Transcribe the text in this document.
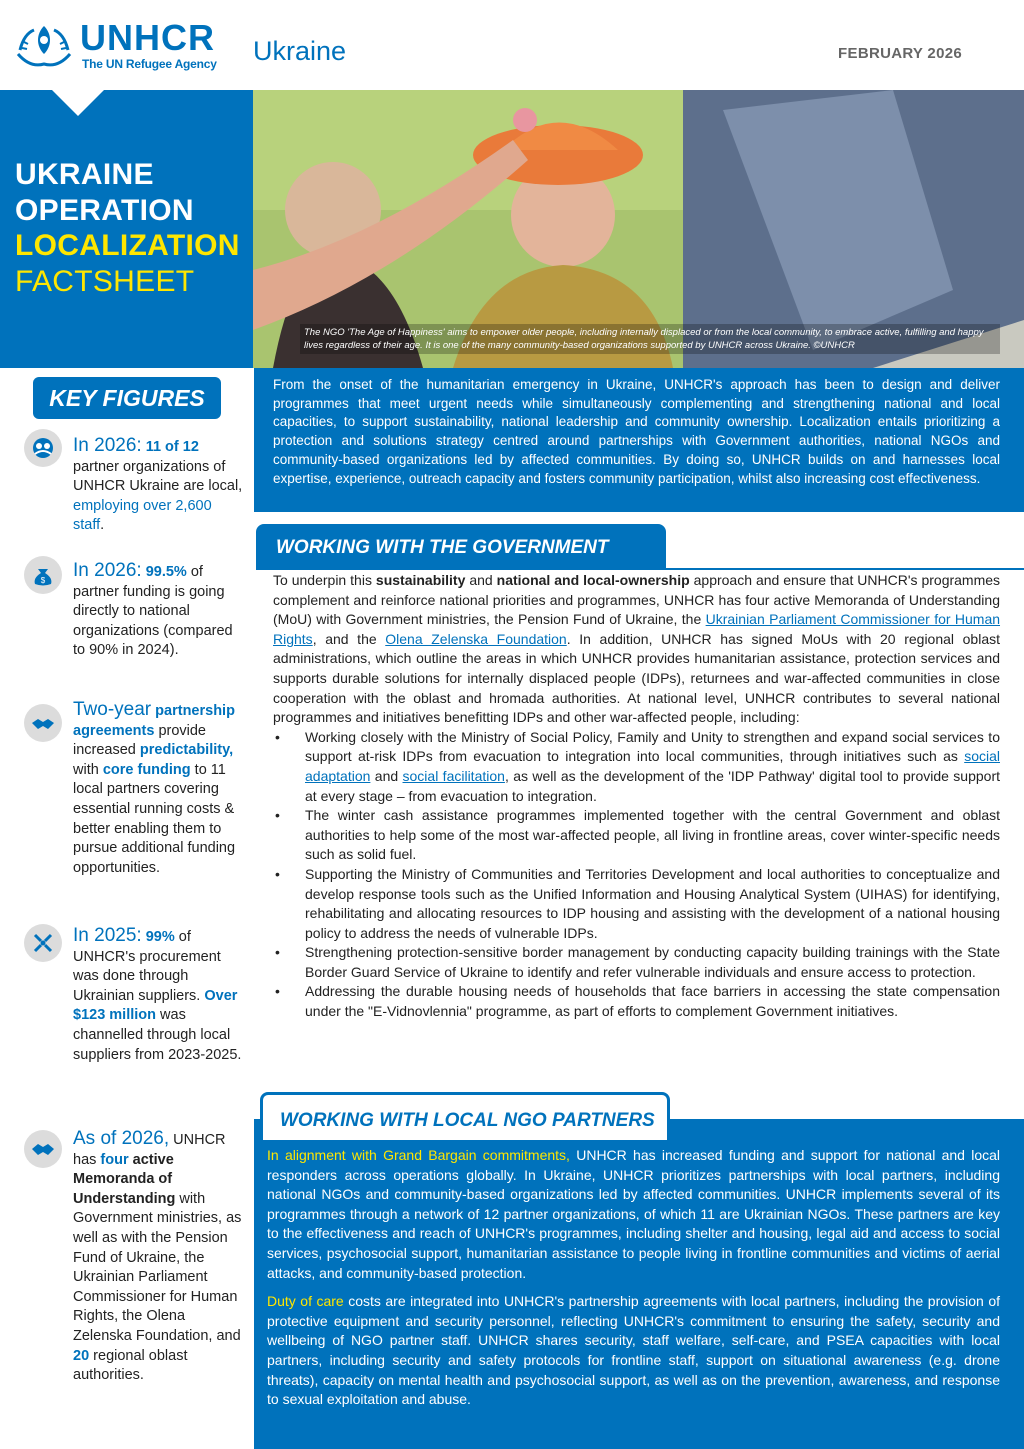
UNHCR
The UN Refugee Agency Ukraine	FEBRUARY 2026
UKRAINE
OPERATION
LOCALIZATION
FACTSHEET
The NGO 'The Age of Happiness' aims to empower older people, including internally displaced or from the local community, to embrace active, fulfilling and happy lives regardless of their age. It is one of the many community-based organizations supported by UNHCR across Ukraine. ©UNHCR
KEY FIGURES
In 2026: 11 of 12 partner organizations of UNHCR Ukraine are local, employing over 2,600 staff.
$ In 2026: 99.5% of partner funding is going directly to national organizations (compared to 90% in 2024).
Two-year partnership agreements provide increased predictability, with core funding to 11 local partners covering essential running costs & better enabling them to pursue additional funding opportunities.
In 2025: 99% of UNHCR's procurement was done through Ukrainian suppliers. Over $123 million was channelled through local suppliers from 2023-2025.
As of 2026, UNHCR has four active Memoranda of Understanding with Government ministries, as well as with the Pension Fund of Ukraine, the Ukrainian Parliament Commissioner for Human Rights, the Olena Zelenska Foundation, and 20 regional oblast authorities.
From the onset of the humanitarian emergency in Ukraine, UNHCR's approach has been to design and deliver programmes that meet urgent needs while simultaneously complementing and strengthening national and local capacities, to support sustainability, national leadership and community ownership. Localization entails prioritizing a protection and solutions strategy centred around partnerships with Government authorities, national NGOs and community-based organizations led by affected communities. By doing so, UNHCR builds on and harnesses local expertise, experience, outreach capacity and fosters community participation, whilst also increasing cost effectiveness.
WORKING WITH THE GOVERNMENT

To underpin this sustainability and national and local-ownership approach and ensure that UNHCR's programmes complement and reinforce national priorities and programmes, UNHCR has four active Memoranda of Understanding (MoU) with Government ministries, the Pension Fund of Ukraine, the Ukrainian Parliament Commissioner for Human Rights, and the Olena Zelenska Foundation. In addition, UNHCR has signed MoUs with 20 regional oblast administrations, which outline the areas in which UNHCR provides humanitarian assistance, protection services and supports durable solutions for internally displaced people (IDPs), returnees and war-affected communities in close cooperation with the oblast and hromada authorities. At national level, UNHCR contributes to several national programmes and initiatives benefitting IDPs and other war-affected people, including:

• Working closely with the Ministry of Social Policy, Family and Unity to strengthen and expand social services to support at-risk IDPs from evacuation to integration into local communities, through initiatives such as social adaptation and social facilitation, as well as the development of the 'IDP Pathway' digital tool to provide support at every stage – from evacuation to integration.
• The winter cash assistance programmes implemented together with the central Government and oblast authorities to help some of the most war-affected people, all living in frontline areas, cover winter-specific needs such as solid fuel.
• Supporting the Ministry of Communities and Territories Development and local authorities to conceptualize and develop response tools such as the Unified Information and Housing Analytical System (UIHAS) for identifying, rehabilitating and allocating resources to IDP housing and assisting with the development of a national housing policy to address the needs of vulnerable IDPs.
• Strengthening protection-sensitive border management by conducting capacity building trainings with the State Border Guard Service of Ukraine to identify and refer vulnerable individuals and ensure access to protection.
• Addressing the durable housing needs of households that face barriers in accessing the state compensation under the "E-Vidnovlennia" programme, as part of efforts to complement Government initiatives.
WORKING WITH LOCAL NGO PARTNERS

In alignment with Grand Bargain commitments, UNHCR has increased funding and support for national and local responders across operations globally. In Ukraine, UNHCR prioritizes partnerships with local partners, including national NGOs and community-based organizations led by affected communities. UNHCR implements several of its programmes through a network of 12 partner organizations, of which 11 are Ukrainian NGOs. These partners are key to the effectiveness and reach of UNHCR's programmes, including shelter and housing, legal aid and access to social services, psychosocial support, humanitarian assistance to people living in frontline communities and victims of aerial attacks, and community-based protection.

Duty of care costs are integrated into UNHCR's partnership agreements with local partners, including the provision of protective equipment and security personnel, reflecting UNHCR's commitment to ensuring the safety, security and wellbeing of NGO partner staff. UNHCR shares security, staff welfare, self-care, and PSEA capacities with local partners, including security and safety protocols for frontline staff, support on situational awareness (e.g. drone threats), capacity on mental health and psychosocial support, as well as on the prevention, awareness, and response to sexual exploitation and abuse.
